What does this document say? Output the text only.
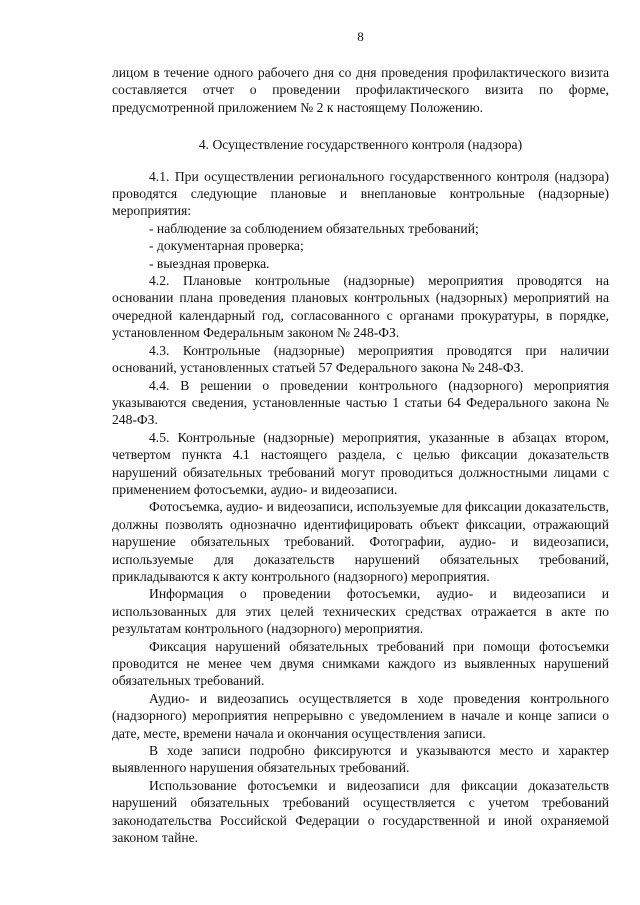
8

лицом в течение одного рабочего дня со дня проведения профилактического визита составляется отчет о проведении профилактического визита по форме, предусмотренной приложением № 2 к настоящему Положению.

4. Осуществление государственного контроля (надзора)

4.1. При осуществлении регионального государственного контроля (надзора) проводятся следующие плановые и внеплановые контрольные (надзорные) мероприятия:

- наблюдение за соблюдением обязательных требований;
- документарная проверка;
- выездная проверка.

4.2. Плановые контрольные (надзорные) мероприятия проводятся на основании плана проведения плановых контрольных (надзорных) мероприятий на очередной календарный год, согласованного с органами прокуратуры, в порядке, установленном Федеральным законом № 248-ФЗ.

4.3. Контрольные (надзорные) мероприятия проводятся при наличии оснований, установленных статьей 57 Федерального закона № 248-ФЗ.

4.4. В решении о проведении контрольного (надзорного) мероприятия указываются сведения, установленные частью 1 статьи 64 Федерального закона № 248-ФЗ.

4.5. Контрольные (надзорные) мероприятия, указанные в абзацах втором, четвертом пункта 4.1 настоящего раздела, с целью фиксации доказательств нарушений обязательных требований могут проводиться должностными лицами с применением фотосъемки, аудио- и видеозаписи.

Фотосъемка, аудио- и видеозаписи, используемые для фиксации доказательств, должны позволять однозначно идентифицировать объект фиксации, отражающий нарушение обязательных требований. Фотографии, аудио- и видеозаписи, используемые для доказательств нарушений обязательных требований, прикладываются к акту контрольного (надзорного) мероприятия.

Информация о проведении фотосъемки, аудио- и видеозаписи и использованных для этих целей технических средствах отражается в акте по результатам контрольного (надзорного) мероприятия.

Фиксация нарушений обязательных требований при помощи фотосъемки проводится не менее чем двумя снимками каждого из выявленных нарушений обязательных требований.

Аудио- и видеозапись осуществляется в ходе проведения контрольного (надзорного) мероприятия непрерывно с уведомлением в начале и конце записи о дате, месте, времени начала и окончания осуществления записи.

В ходе записи подробно фиксируются и указываются место и характер выявленного нарушения обязательных требований.

Использование фотосъемки и видеозаписи для фиксации доказательств нарушений обязательных требований осуществляется с учетом требований законодательства Российской Федерации о государственной и иной охраняемой законом тайне.
